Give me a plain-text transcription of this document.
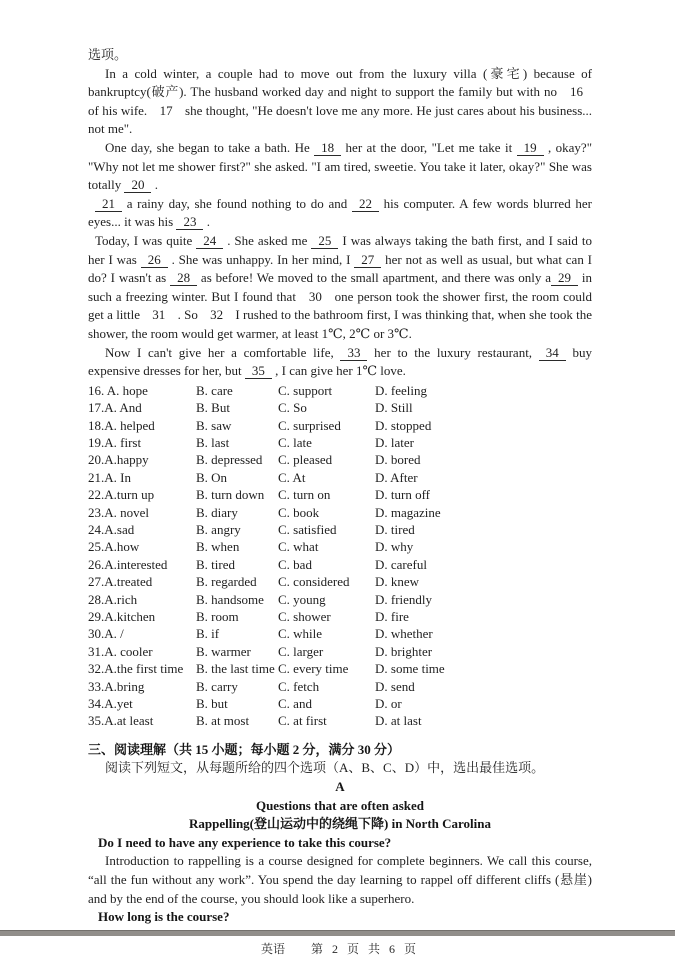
选项。

In a cold winter, a couple had to move out from the luxury villa (豪宅) because of bankruptcy(破产). The husband worked day and night to support the family but with no 16 of his wife. 17 she thought, "He doesn't love me any more. He just cares about his business... not me".

One day, she began to take a bath. He 18 her at the door, "Let me take it 19 , okay?" "Why not let me shower first?" she asked. "I am tired, sweetie. You take it later, okay?" She was totally 20 .

21 a rainy day, she found nothing to do and 22 his computer. A few words blurred her eyes... it was his 23 .

Today, I was quite 24 . She asked me 25 I was always taking the bath first, and I said to her I was 26 . She was unhappy. In her mind, I 27 her not as well as usual, but what can I do? I wasn't as 28 as before! We moved to the small apartment, and there was only a 29 in such a freezing winter. But I found that 30 one person took the shower first, the room could get a little 31 . So 32 I rushed to the bathroom first, I was thinking that, when she took the shower, the room would get warmer, at least 1℃, 2℃ or 3℃.

Now I can't give her a comfortable life, 33 her to the luxury restaurant, 34 buy expensive dresses for her, but 35 , I can give her 1℃ love.

16. A. hope	B. care	C. support	D. feeling
17.A. And	B. But	C. So	D. Still
18.A. helped	B. saw	C. surprised	D. stopped
19.A. first	B. last	C. late	D. later
20.A.happy	B. depressed	C. pleased	D. bored
21.A. In	B. On	C. At	D. After
22.A.turn up	B. turn down	C. turn on	D. turn off
23.A. novel	B. diary	C. book	D. magazine
24.A.sad	B. angry	C. satisfied	D. tired
25.A.how	B. when	C. what	D. why
26.A.interested	B. tired	C. bad	D. careful
27.A.treated	B. regarded	C. considered	D. knew
28.A.rich	B. handsome	C. young	D. friendly
29.A.kitchen	B. room	C. shower	D. fire
30.A. /	B. if	C. while	D. whether
31.A. cooler	B. warmer	C. larger	D. brighter
32.A.the first time B. the last time C. every time	D. some time
33.A.bring	B. carry	C. fetch	D. send
34.A.yet	B. but	C. and	D. or
35.A.at least	B. at most	C. at first	D. at last

三、阅读理解（共 15 小题；每小题 2 分，满分 30 分）

阅读下列短文，从每题所给的四个选项（A、B、C、D）中，选出最佳选项。

A

Questions that are often asked

Rappelling(登山运动中的绕绳下降) in North Carolina

Do I need to have any experience to take this course?

Introduction to rappelling is a course designed for complete beginners. We call this course, “all the fun without any work”. You spend the day learning to rappel off different cliffs (悬崖) and by the end of the course, you should look like a superhero.

How long is the course?

英语 第 2 页 共 6 页
